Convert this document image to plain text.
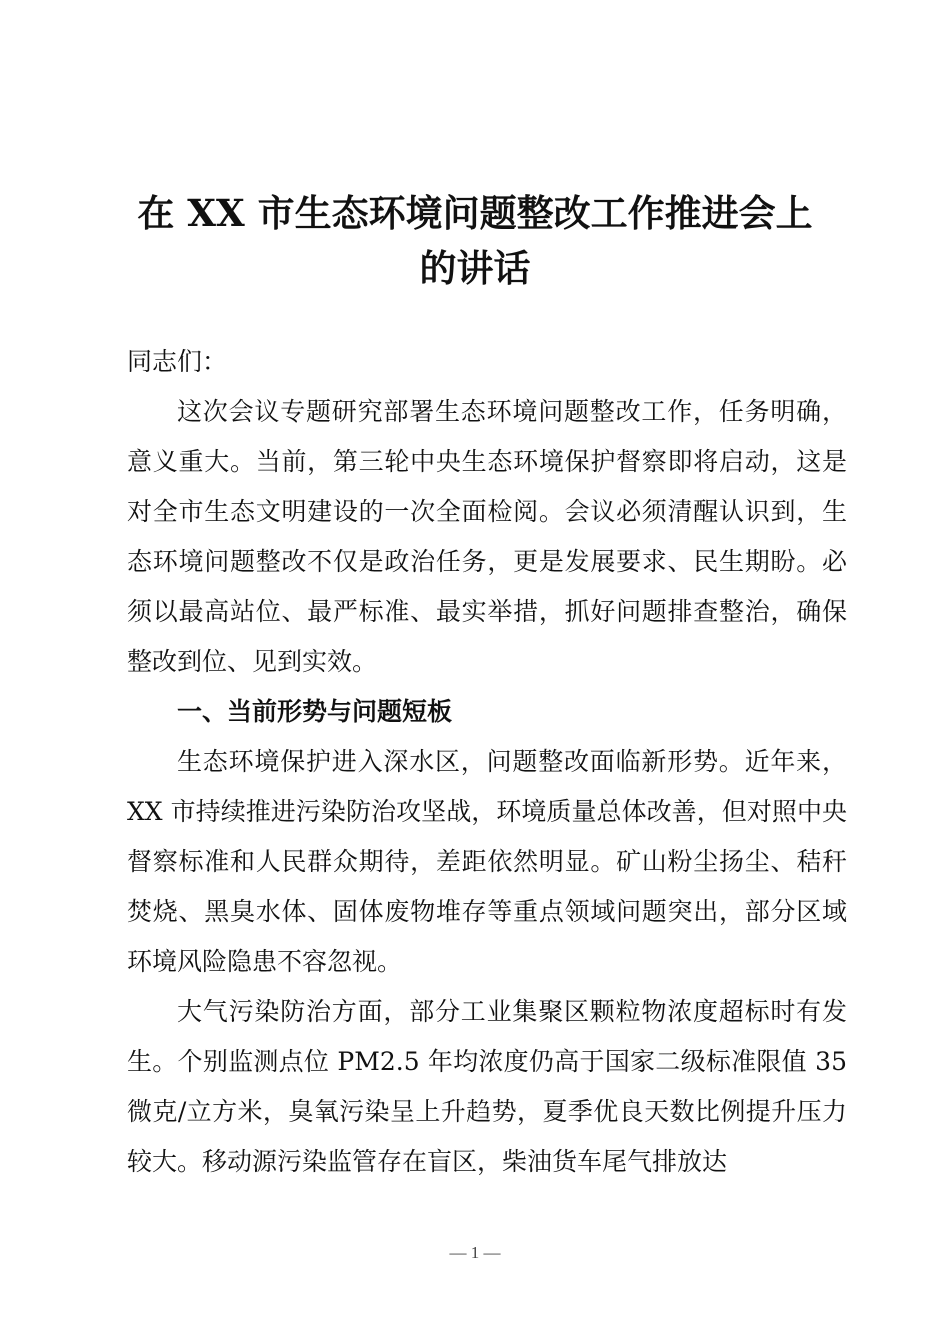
在 XX 市生态环境问题整改工作推进会上
的讲话

同志们：

这次会议专题研究部署生态环境问题整改工作，任务明确，意义重大。当前，第三轮中央生态环境保护督察即将启动，这是对全市生态文明建设的一次全面检阅。会议必须清醒认识到，生态环境问题整改不仅是政治任务，更是发展要求、民生期盼。必须以最高站位、最严标准、最实举措，抓好问题排查整治，确保整改到位、见到实效。

一、当前形势与问题短板

生态环境保护进入深水区，问题整改面临新形势。近年来，XX 市持续推进污染防治攻坚战，环境质量总体改善，但对照中央督察标准和人民群众期待，差距依然明显。矿山粉尘扬尘、秸秆焚烧、黑臭水体、固体废物堆存等重点领域问题突出，部分区域环境风险隐患不容忽视。

大气污染防治方面，部分工业集聚区颗粒物浓度超标时有发生。个别监测点位 PM2.5 年均浓度仍高于国家二级标准限值 35 微克/立方米，臭氧污染呈上升趋势，夏季优良天数比例提升压力较大。移动源污染监管存在盲区，柴油货车尾气排放达

— 1 —
